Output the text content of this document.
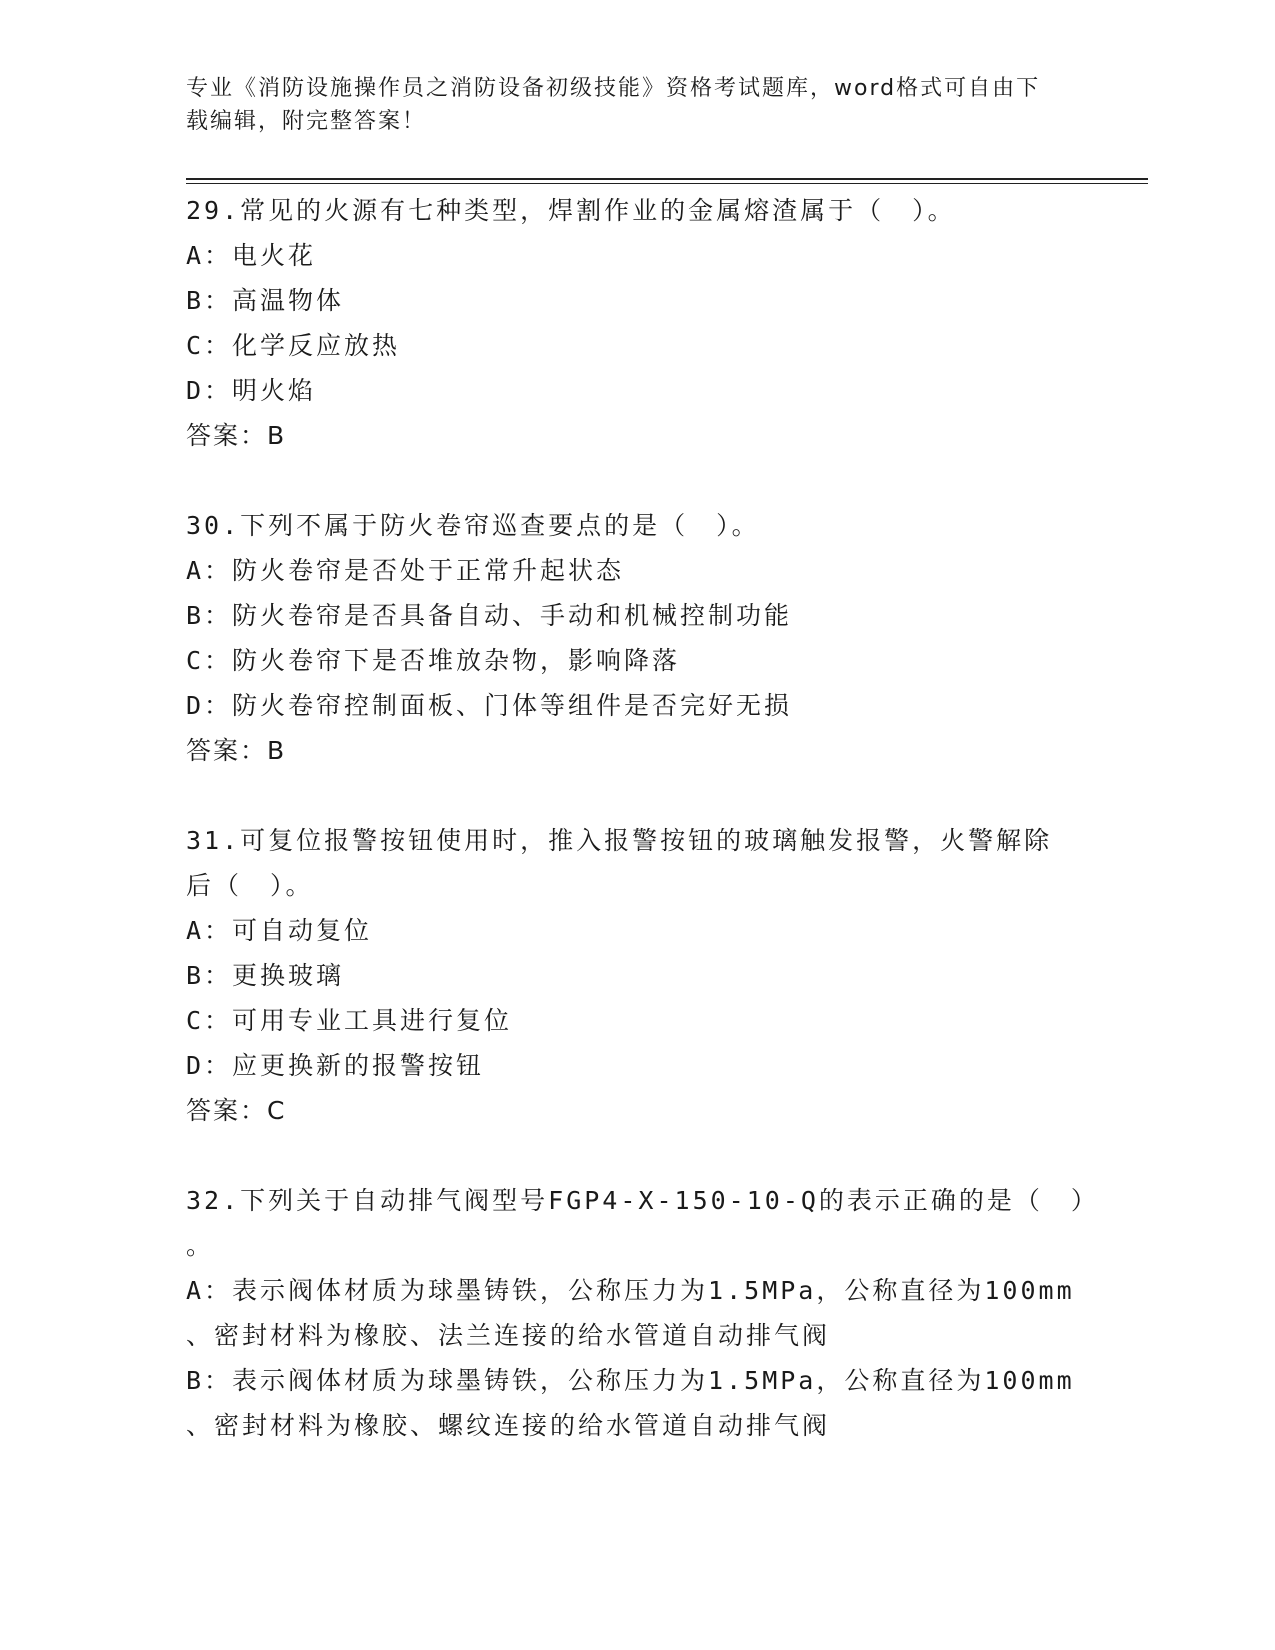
专业《消防设施操作员之消防设备初级技能》资格考试题库，word格式可自由下
载编辑，附完整答案！
29.常见的火源有七种类型，焊割作业的金属熔渣属于（　）。
A：电火花
B：高温物体
C：化学反应放热
D：明火焰
答案：B
30.下列不属于防火卷帘巡查要点的是（　）。
A：防火卷帘是否处于正常升起状态
B：防火卷帘是否具备自动、手动和机械控制功能
C：防火卷帘下是否堆放杂物，影响降落
D：防火卷帘控制面板、门体等组件是否完好无损
答案：B
31.可复位报警按钮使用时，推入报警按钮的玻璃触发报警，火警解除
后（　）。
A：可自动复位
B：更换玻璃
C：可用专业工具进行复位
D：应更换新的报警按钮
答案：C
32.下列关于自动排气阀型号FGP4-X-150-10-Q的表示正确的是（　）
。
A：表示阀体材质为球墨铸铁，公称压力为1.5MPa，公称直径为100mm
、密封材料为橡胶、法兰连接的给水管道自动排气阀
B：表示阀体材质为球墨铸铁，公称压力为1.5MPa，公称直径为100mm
、密封材料为橡胶、螺纹连接的给水管道自动排气阀
